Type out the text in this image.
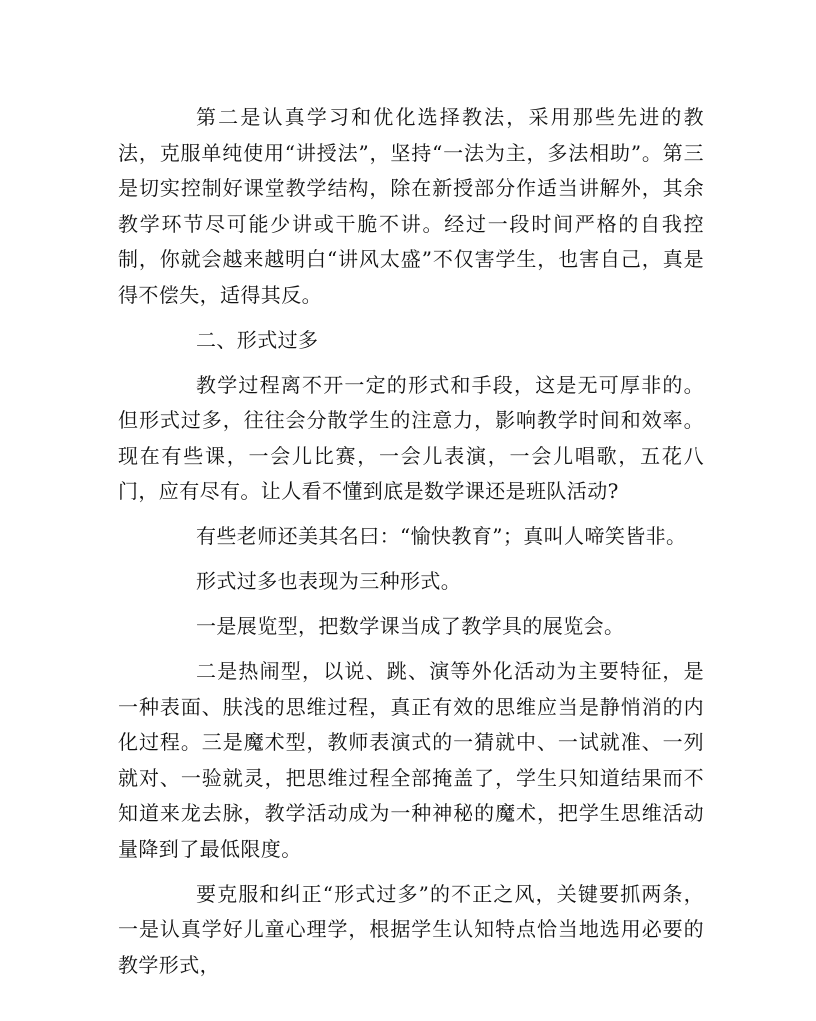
第二是认真学习和优化选择教法，采用那些先进的教法，克服单纯使用“讲授法”，坚持“一法为主，多法相助”。第三是切实控制好课堂教学结构，除在新授部分作适当讲解外，其余教学环节尽可能少讲或干脆不讲。经过一段时间严格的自我控制，你就会越来越明白“讲风太盛”不仅害学生，也害自己，真是得不偿失，适得其反。

二、形式过多

教学过程离不开一定的形式和手段，这是无可厚非的。但形式过多，往往会分散学生的注意力，影响教学时间和效率。现在有些课，一会儿比赛，一会儿表演，一会儿唱歌，五花八门，应有尽有。让人看不懂到底是数学课还是班队活动?

有些老师还美其名曰：“愉快教育”；真叫人啼笑皆非。

形式过多也表现为三种形式。

一是展览型，把数学课当成了教学具的展览会。

二是热闹型，以说、跳、演等外化活动为主要特征，是一种表面、肤浅的思维过程，真正有效的思维应当是静悄消的内化过程。三是魔术型，教师表演式的一猜就中、一试就准、一列就对、一验就灵，把思维过程全部掩盖了，学生只知道结果而不知道来龙去脉，教学活动成为一种神秘的魔术，把学生思维活动量降到了最低限度。

要克服和纠正“形式过多”的不正之风，关键要抓两条，一是认真学好儿童心理学，根据学生认知特点恰当地选用必要的教学形式，
